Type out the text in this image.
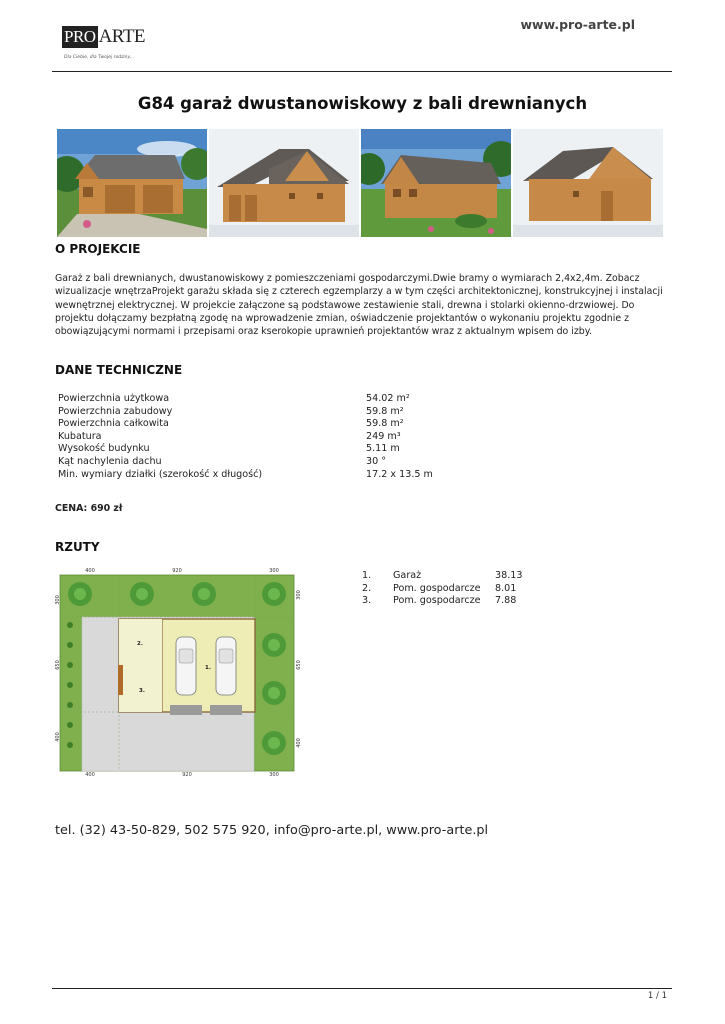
PRO ARTE
Dla Ciebie, dla Twojej rodziny...
www.pro-arte.pl
G84 garaż dwustanowiskowy z bali drewnianych
O PROJEKCIE
Garaż z bali drewnianych, dwustanowiskowy z pomieszczeniami gospodarczymi.Dwie bramy o wymiarach 2,4x2,4m. Zobacz wizualizacje wnętrzaProjekt garażu składa się z czterech egzemplarzy a w tym części architektonicznej, konstrukcyjnej i instalacji wewnętrznej elektrycznej. W projekcie załączone są podstawowe zestawienie stali, drewna i stolarki okienno-drzwiowej. Do projektu dołączamy bezpłatną zgodę na wprowadzenie zmian, oświadczenie projektantów o wykonaniu projektu zgodnie z obowiązującymi normami i przepisami oraz kserokopie uprawnień projektantów wraz z aktualnym wpisem do izby.
DANE TECHNICZNE
Powierzchnia użytkowa	54.02 m²
Powierzchnia zabudowy	59.8 m²
Powierzchnia całkowita	59.8 m²
Kubatura	249 m³
Wysokość budynku	5.11 m
Kąt nachylenia dachu	30 °
Min. wymiary działki (szerokość x długość)	17.2 x 13.5 m
CENA: 690 zł
RZUTY
400	920	300
400	920	300
300
650
400
300
650
400
1.
2.
3.
1. Garaż	38.13
2. Pom. gospodarcze 8.01
3. Pom. gospodarcze 7.88
tel. (32) 43-50-829, 502 575 920, info@pro-arte.pl, www.pro-arte.pl
1 / 1
